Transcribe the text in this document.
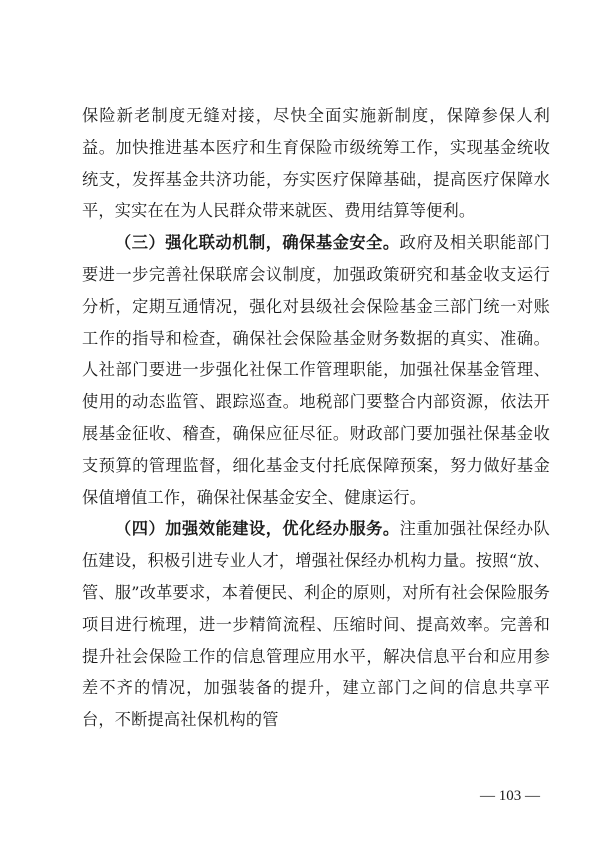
保险新老制度无缝对接，尽快全面实施新制度，保障参保人利益。加快推进基本医疗和生育保险市级统筹工作，实现基金统收统支，发挥基金共济功能，夯实医疗保障基础，提高医疗保障水平，实实在在为人民群众带来就医、费用结算等便利。

（三）强化联动机制，确保基金安全。政府及相关职能部门要进一步完善社保联席会议制度，加强政策研究和基金收支运行分析，定期互通情况，强化对县级社会保险基金三部门统一对账工作的指导和检查，确保社会保险基金财务数据的真实、准确。人社部门要进一步强化社保工作管理职能，加强社保基金管理、使用的动态监管、跟踪巡查。地税部门要整合内部资源，依法开展基金征收、稽查，确保应征尽征。财政部门要加强社保基金收支预算的管理监督，细化基金支付托底保障预案，努力做好基金保值增值工作，确保社保基金安全、健康运行。

（四）加强效能建设，优化经办服务。注重加强社保经办队伍建设，积极引进专业人才，增强社保经办机构力量。按照“放、管、服”改革要求，本着便民、利企的原则，对所有社会保险服务项目进行梳理，进一步精简流程、压缩时间、提高效率。完善和提升社会保险工作的信息管理应用水平，解决信息平台和应用参差不齐的情况，加强装备的提升，建立部门之间的信息共享平台，不断提高社保机构的管

— 103 —
